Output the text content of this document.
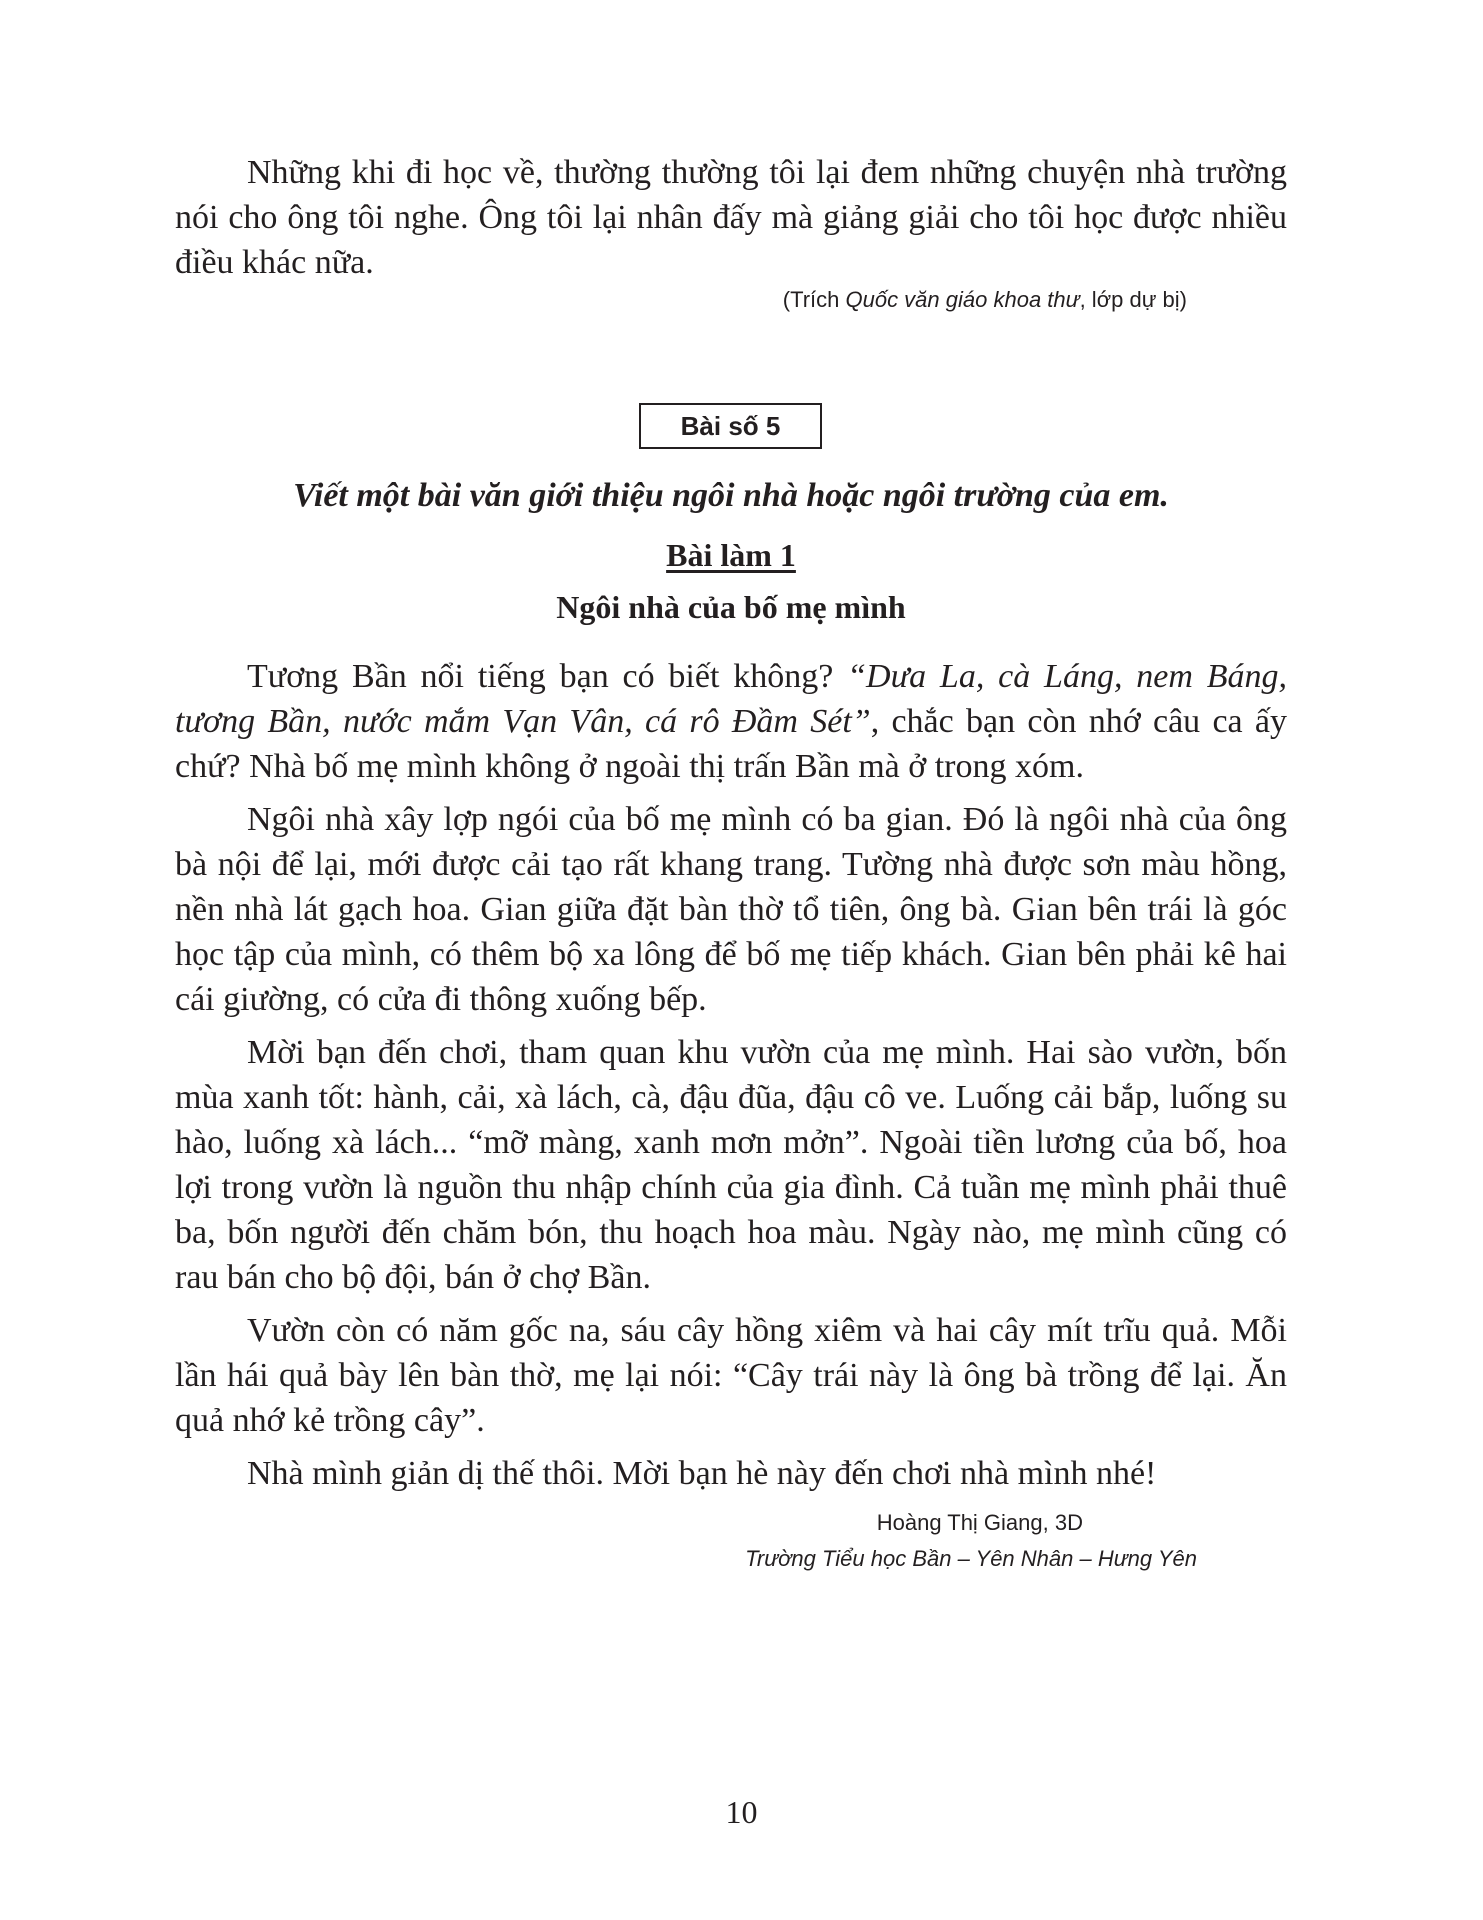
Những khi đi học về, thường thường tôi lại đem những chuyện nhà trường nói cho ông tôi nghe. Ông tôi lại nhân đấy mà giảng giải cho tôi học được nhiều điều khác nữa.

(Trích Quốc văn giáo khoa thư, lớp dự bị)
Bài số 5
Viết một bài văn giới thiệu ngôi nhà hoặc ngôi trường của em.
Bài làm 1
Ngôi nhà của bố mẹ mình

Tương Bần nổi tiếng bạn có biết không? “Dưa La, cà Láng, nem Báng, tương Bần, nước mắm Vạn Vân, cá rô Đầm Sét”, chắc bạn còn nhớ câu ca ấy chứ? Nhà bố mẹ mình không ở ngoài thị trấn Bần mà ở trong xóm.

Ngôi nhà xây lợp ngói của bố mẹ mình có ba gian. Đó là ngôi nhà của ông bà nội để lại, mới được cải tạo rất khang trang. Tường nhà được sơn màu hồng, nền nhà lát gạch hoa. Gian giữa đặt bàn thờ tổ tiên, ông bà. Gian bên trái là góc học tập của mình, có thêm bộ xa lông để bố mẹ tiếp khách. Gian bên phải kê hai cái giường, có cửa đi thông xuống bếp.

Mời bạn đến chơi, tham quan khu vườn của mẹ mình. Hai sào vườn, bốn mùa xanh tốt: hành, cải, xà lách, cà, đậu đũa, đậu cô ve. Luống cải bắp, luống su hào, luống xà lách... “mỡ màng, xanh mơn mởn”. Ngoài tiền lương của bố, hoa lợi trong vườn là nguồn thu nhập chính của gia đình. Cả tuần mẹ mình phải thuê ba, bốn người đến chăm bón, thu hoạch hoa màu. Ngày nào, mẹ mình cũng có rau bán cho bộ đội, bán ở chợ Bần.

Vườn còn có năm gốc na, sáu cây hồng xiêm và hai cây mít trĩu quả. Mỗi lần hái quả bày lên bàn thờ, mẹ lại nói: “Cây trái này là ông bà trồng để lại. Ăn quả nhớ kẻ trồng cây”.

Nhà mình giản dị thế thôi. Mời bạn hè này đến chơi nhà mình nhé!

Hoàng Thị Giang, 3D
Trường Tiểu học Bần – Yên Nhân – Hưng Yên
10
